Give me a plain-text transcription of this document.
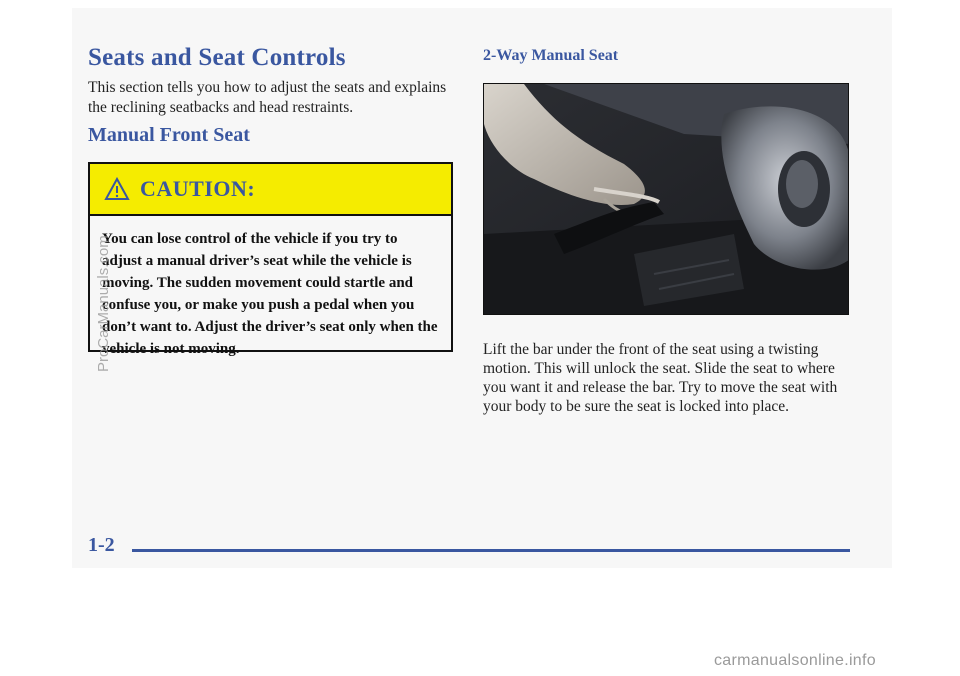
Seats and Seat Controls

This section tells you how to adjust the seats and explains the reclining seatbacks and head restraints.

Manual Front Seat
CAUTION:

You can lose control of the vehicle if you try to adjust a manual driver’s seat while the vehicle is moving. The sudden movement could startle and confuse you, or make you push a pedal when you don’t want to. Adjust the driver’s seat only when the vehicle is not moving.

2-Way Manual Seat

Lift the bar under the front of the seat using a twisting motion. This will unlock the seat. Slide the seat to where you want it and release the bar. Try to move the seat with your body to be sure the seat is locked into place.

1-2
ProCarManuals.com
carmanualsonline.info
